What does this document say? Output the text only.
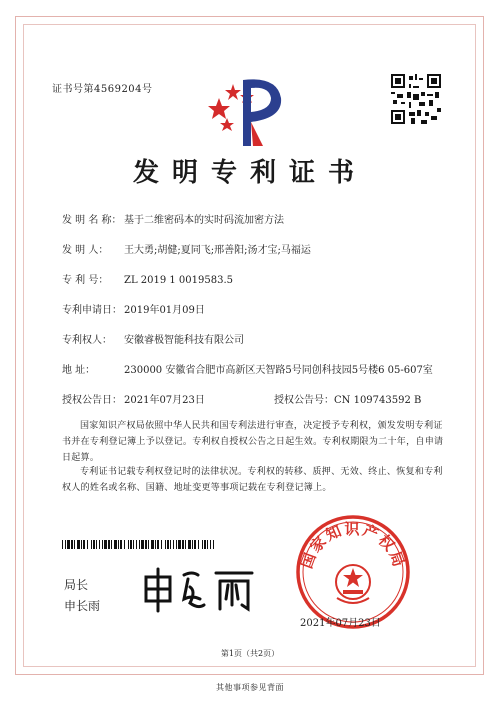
证书号第4569204号
发明专利证书
发 明 名 称： 基于二维密码本的实时码流加密方法
发 明 人： 王大勇;胡健;夏同飞;邢善阳;汤才宝;马福运
专 利 号： ZL 2019 1 0019583.5
专利申请日： 2019年01月09日
专利权人： 安徽睿极智能科技有限公司
地 址：	230000 安徽省合肥市高新区天智路5号同创科技园5号楼6 05-607室
授权公告日： 2021年07月23日	授权公告号：CN 109743592 B
国家知识产权局依照中华人民共和国专利法进行审查，决定授予专利权，颁发发明专利证书并在专利登记簿上予以登记。专利权自授权公告之日起生效。专利权期限为二十年，自申请日起算。
专利证书记载专利权登记时的法律状况。专利权的转移、质押、无效、终止、恢复和专利权人的姓名或名称、国籍、地址变更等事项记载在专利登记簿上。
局长
申长雨
国家知识产权局
2021年07月23日
第1页（共2页）
其他事项参见背面
